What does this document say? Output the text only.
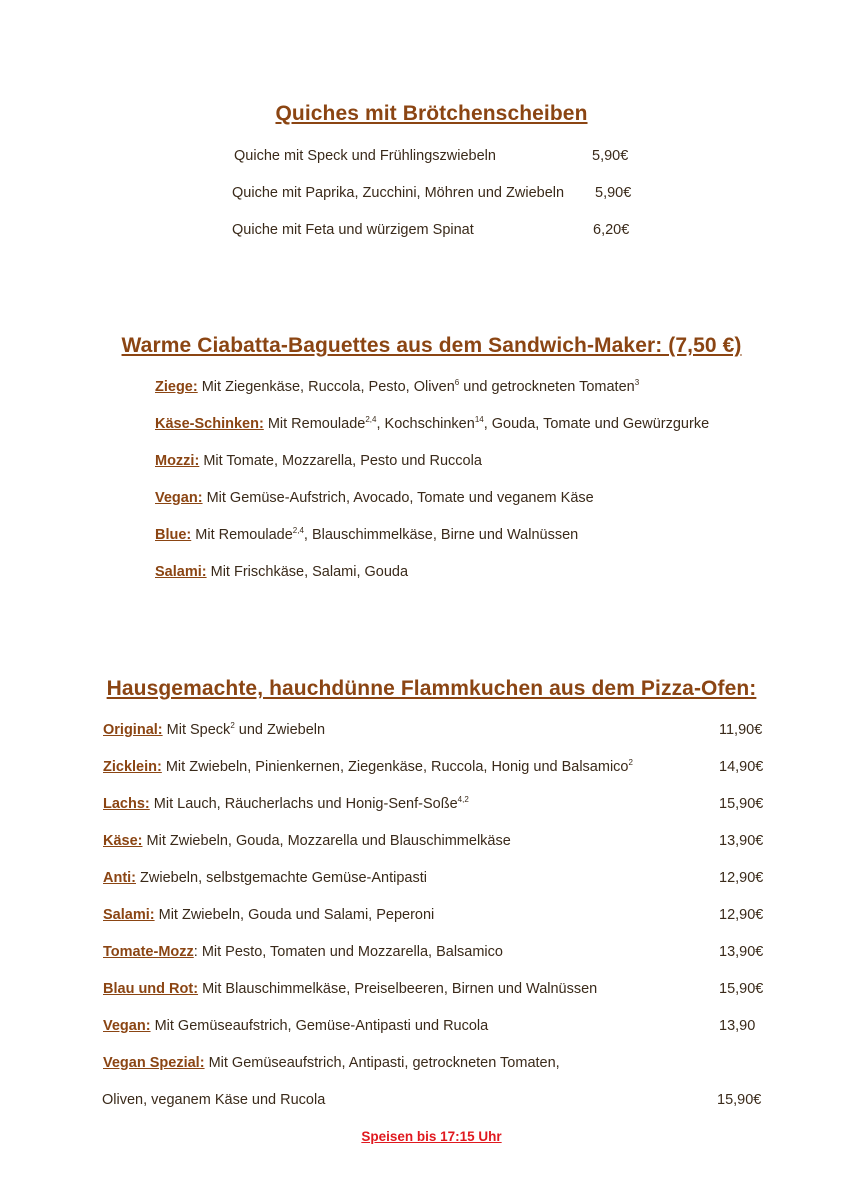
Quiches mit Brötchenscheiben
Quiche mit Speck und Frühlingszwiebeln	5,90€
Quiche mit Paprika, Zucchini, Möhren und Zwiebeln 5,90€
Quiche mit Feta und würzigem Spinat	6,20€
Warme Ciabatta-Baguettes aus dem Sandwich-Maker: (7,50 €)
Ziege: Mit Ziegenkäse, Ruccola, Pesto, Oliven$^6$ und getrockneten Tomaten$^3$
Käse-Schinken: Mit Remoulade$^{2,4}$, Kochschinken$^{14}$, Gouda, Tomate und Gewürzgurke
Mozzi: Mit Tomate, Mozzarella, Pesto und Ruccola
Vegan: Mit Gemüse-Aufstrich, Avocado, Tomate und veganem Käse
Blue: Mit Remoulade$^{2,4}$, Blauschimmelkäse, Birne und Walnüssen
Salami: Mit Frischkäse, Salami, Gouda
Hausgemachte, hauchdünne Flammkuchen aus dem Pizza-Ofen:
Original: Mit Speck$^2$ und Zwiebeln	11,90€
Zicklein: Mit Zwiebeln, Pinienkernen, Ziegenkäse, Ruccola, Honig und Balsamico$^2$	14,90€
Lachs: Mit Lauch, Räucherlachs und Honig-Senf-Soße$^{4,2}$	15,90€
Käse: Mit Zwiebeln, Gouda, Mozzarella und Blauschimmelkäse	13,90€
Anti: Zwiebeln, selbstgemachte Gemüse-Antipasti	12,90€
Salami: Mit Zwiebeln, Gouda und Salami, Peperoni	12,90€
Tomate-Mozz: Mit Pesto, Tomaten und Mozzarella, Balsamico	13,90€
Blau und Rot: Mit Blauschimmelkäse, Preiselbeeren, Birnen und Walnüssen	15,90€
Vegan: Mit Gemüseaufstrich, Gemüse-Antipasti und Rucola	13,90
Vegan Spezial: Mit Gemüseaufstrich, Antipasti, getrockneten Tomaten,
Oliven, veganem Käse und Rucola	15,90€
Speisen bis 17:15 Uhr
